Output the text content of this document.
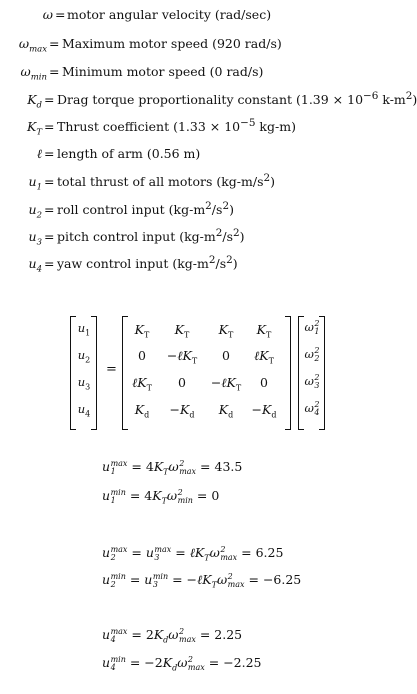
ω = motor angular velocity (rad/sec)
$\omega_{max}$ = Maximum motor speed (920 rad/s)
$\omega_{min}$ = Minimum motor speed (0 rad/s)
$K_d$ = Drag torque proportionality constant ($1.39 \times 10^{-6}$ $k-m^2$)
$K_T$ = Thrust coefficient ($1.33 \times 10^{-5}$ kg-m)
ℓ = length of arm (0.56 m)
$u_1$ = total thrust of all motors $(kg-m/s^2)$
$u_2$ = roll control input $(kg-m^2/s^2)$
$u_3$ = pitch control input $(kg-m^2/s^2)$
$u_4$ = yaw control input $(kg-m^2/s^2)$
$u_1$
$u_2$
$u_3$
$u_4$
=
$K_T$	$K_T$	$K_T$	$K_T$
0	−ℓK$_T$	0	ℓK$_T$
ℓK$_T$	0	−ℓK$_T$	0
$K_d$	$-K_d$	$K_d$	$-K_d$
ω 2
1
ω 2
2
ω 2
3
ω 2
4
u max
$1 = 4K_T\omega$ 2
max = 43.5
u min
$1 = 4K_T\omega$ 2
min = 0
u max
2 = u max
3 = ℓK$_T$ω 2
max = 6.25
u min
2 = u min
3 = −ℓK$_T$ω 2
max = −6.25
u max
$4 = 2K_d\omega$ 2
max = 2.25
u min
$4 = -2K_d\omega$ 2
max = −2.25
